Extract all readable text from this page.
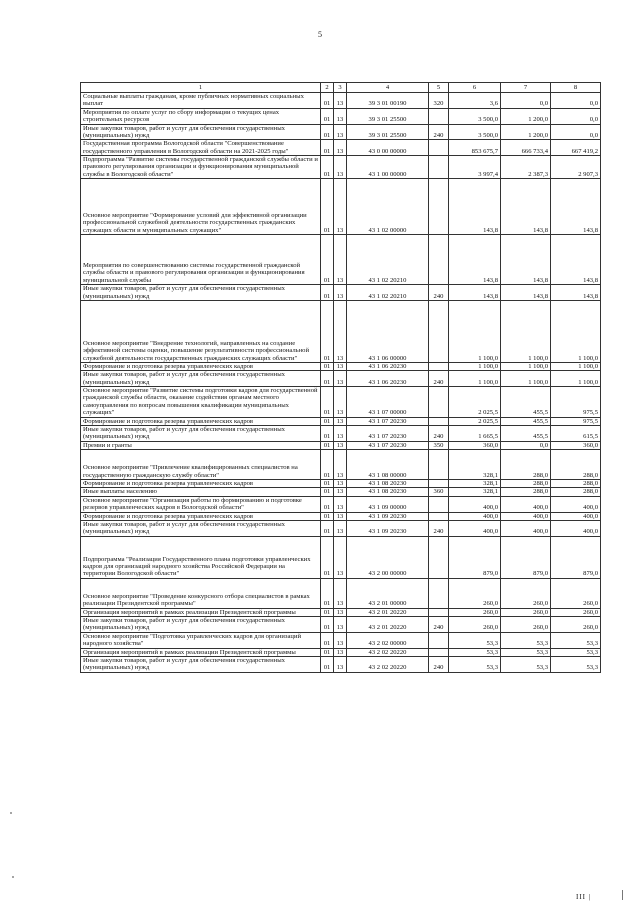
5
1	2	3	4	5	6	7	8
Социальные выплаты гражданам, кроме публичных нормативных социальных выплат	01	13	39 3 01 00190	320	3,6	0,0	0,0
Мероприятия по оплате услуг по сбору информации о текущих ценах строительных ресурсов	01	13	39 3 01 25500		3 500,0	1 200,0	0,0
Иные закупки товаров, работ и услуг для обеспечения государственных (муниципальных) нужд	01	13	39 3 01 25500	240	3 500,0	1 200,0	0,0
Государственная программа Вологодской области "Совершенствование государственного управления в Вологодской области на 2021-2025 годы"	01	13	43 0 00 00000		853 675,7	666 733,4	667 419,2
Подпрограмма "Развитие системы государственной гражданской службы области и правового регулирования организации и функционирования муниципальной службы в Вологодской области"	01	13	43 1 00 00000		3 997,4	2 387,3	2 907,3
Основное мероприятие "Формирование условий для эффективной организации профессиональной служебной деятельности государственных гражданских служащих области и муниципальных служащих"	01	13	43 1 02 00000		143,8	143,8	143,8
Мероприятия по совершенствованию системы государственной гражданской службы области и правового регулирования организации и функционирования муниципальной службы	01	13	43 1 02 20210		143,8	143,8	143,8
Иные закупки товаров, работ и услуг для обеспечения государственных (муниципальных) нужд	01	13	43 1 02 20210	240	143,8	143,8	143,8
Основное мероприятие "Внедрение технологий, направленных на создание эффективной системы оценки, повышение результативности профессиональной служебной деятельности государственных гражданских служащих области"	01	13	43 1 06 00000		1 100,0	1 100,0	1 100,0
Формирование и подготовка резерва управленческих кадров	01	13	43 1 06 20230		1 100,0	1 100,0	1 100,0
Иные закупки товаров, работ и услуг для обеспечения государственных (муниципальных) нужд	01	13	43 1 06 20230	240	1 100,0	1 100,0	1 100,0
Основное мероприятие "Развитие системы подготовки кадров для государственной гражданской службы области, оказание содействия органам местного самоуправления по вопросам повышения квалификации муниципальных служащих"	01	13	43 1 07 00000		2 025,5	455,5	975,5
Формирование и подготовка резерва управленческих кадров	01	13	43 1 07 20230		2 025,5	455,5	975,5
Иные закупки товаров, работ и услуг для обеспечения государственных (муниципальных) нужд	01	13	43 1 07 20230	240	1 665,5	455,5	615,5
Премии и гранты	01	13	43 1 07 20230	350	360,0	0,0	360,0
Основное мероприятие "Привлечение квалифицированных специалистов на государственную гражданскую службу области"	01	13	43 1 08 00000		328,1	288,0	288,0
Формирование и подготовка резерва управленческих кадров	01	13	43 1 08 20230		328,1	288,0	288,0
Иные выплаты населению	01	13	43 1 08 20230	360	328,1	288,0	288,0
Основное мероприятие "Организация работы по формированию и подготовке резервов управленческих кадров в Вологодской области"	01	13	43 1 09 00000		400,0	400,0	400,0
Формирование и подготовка резерва управленческих кадров	01	13	43 1 09 20230		400,0	400,0	400,0
Иные закупки товаров, работ и услуг для обеспечения государственных (муниципальных) нужд	01	13	43 1 09 20230	240	400,0	400,0	400,0
Подпрограмма "Реализация Государственного плана подготовки управленческих кадров для организаций народного хозяйства Российской Федерации на территории Вологодской области"	01	13	43 2 00 00000		879,0	879,0	879,0
Основное мероприятие "Проведение конкурсного отбора специалистов в рамках реализации Президентской программы"	01	13	43 2 01 00000		260,0	260,0	260,0
Организация мероприятий в рамках реализации Президентской программы	01	13	43 2 01 20220		260,0	260,0	260,0
Иные закупки товаров, работ и услуг для обеспечения государственных (муниципальных) нужд	01	13	43 2 01 20220	240	260,0	260,0	260,0
Основное мероприятие "Подготовка управленческих кадров для организаций народного хозяйства"	01	13	43 2 02 00000		53,3	53,3	53,3
Организация мероприятий в рамках реализации Президентской программы	01	13	43 2 02 20220		53,3	53,3	53,3
Иные закупки товаров, работ и услуг для обеспечения государственных (муниципальных) нужд	01	13	43 2 02 20220	240	53,3	53,3	53,3
ІІІ |
